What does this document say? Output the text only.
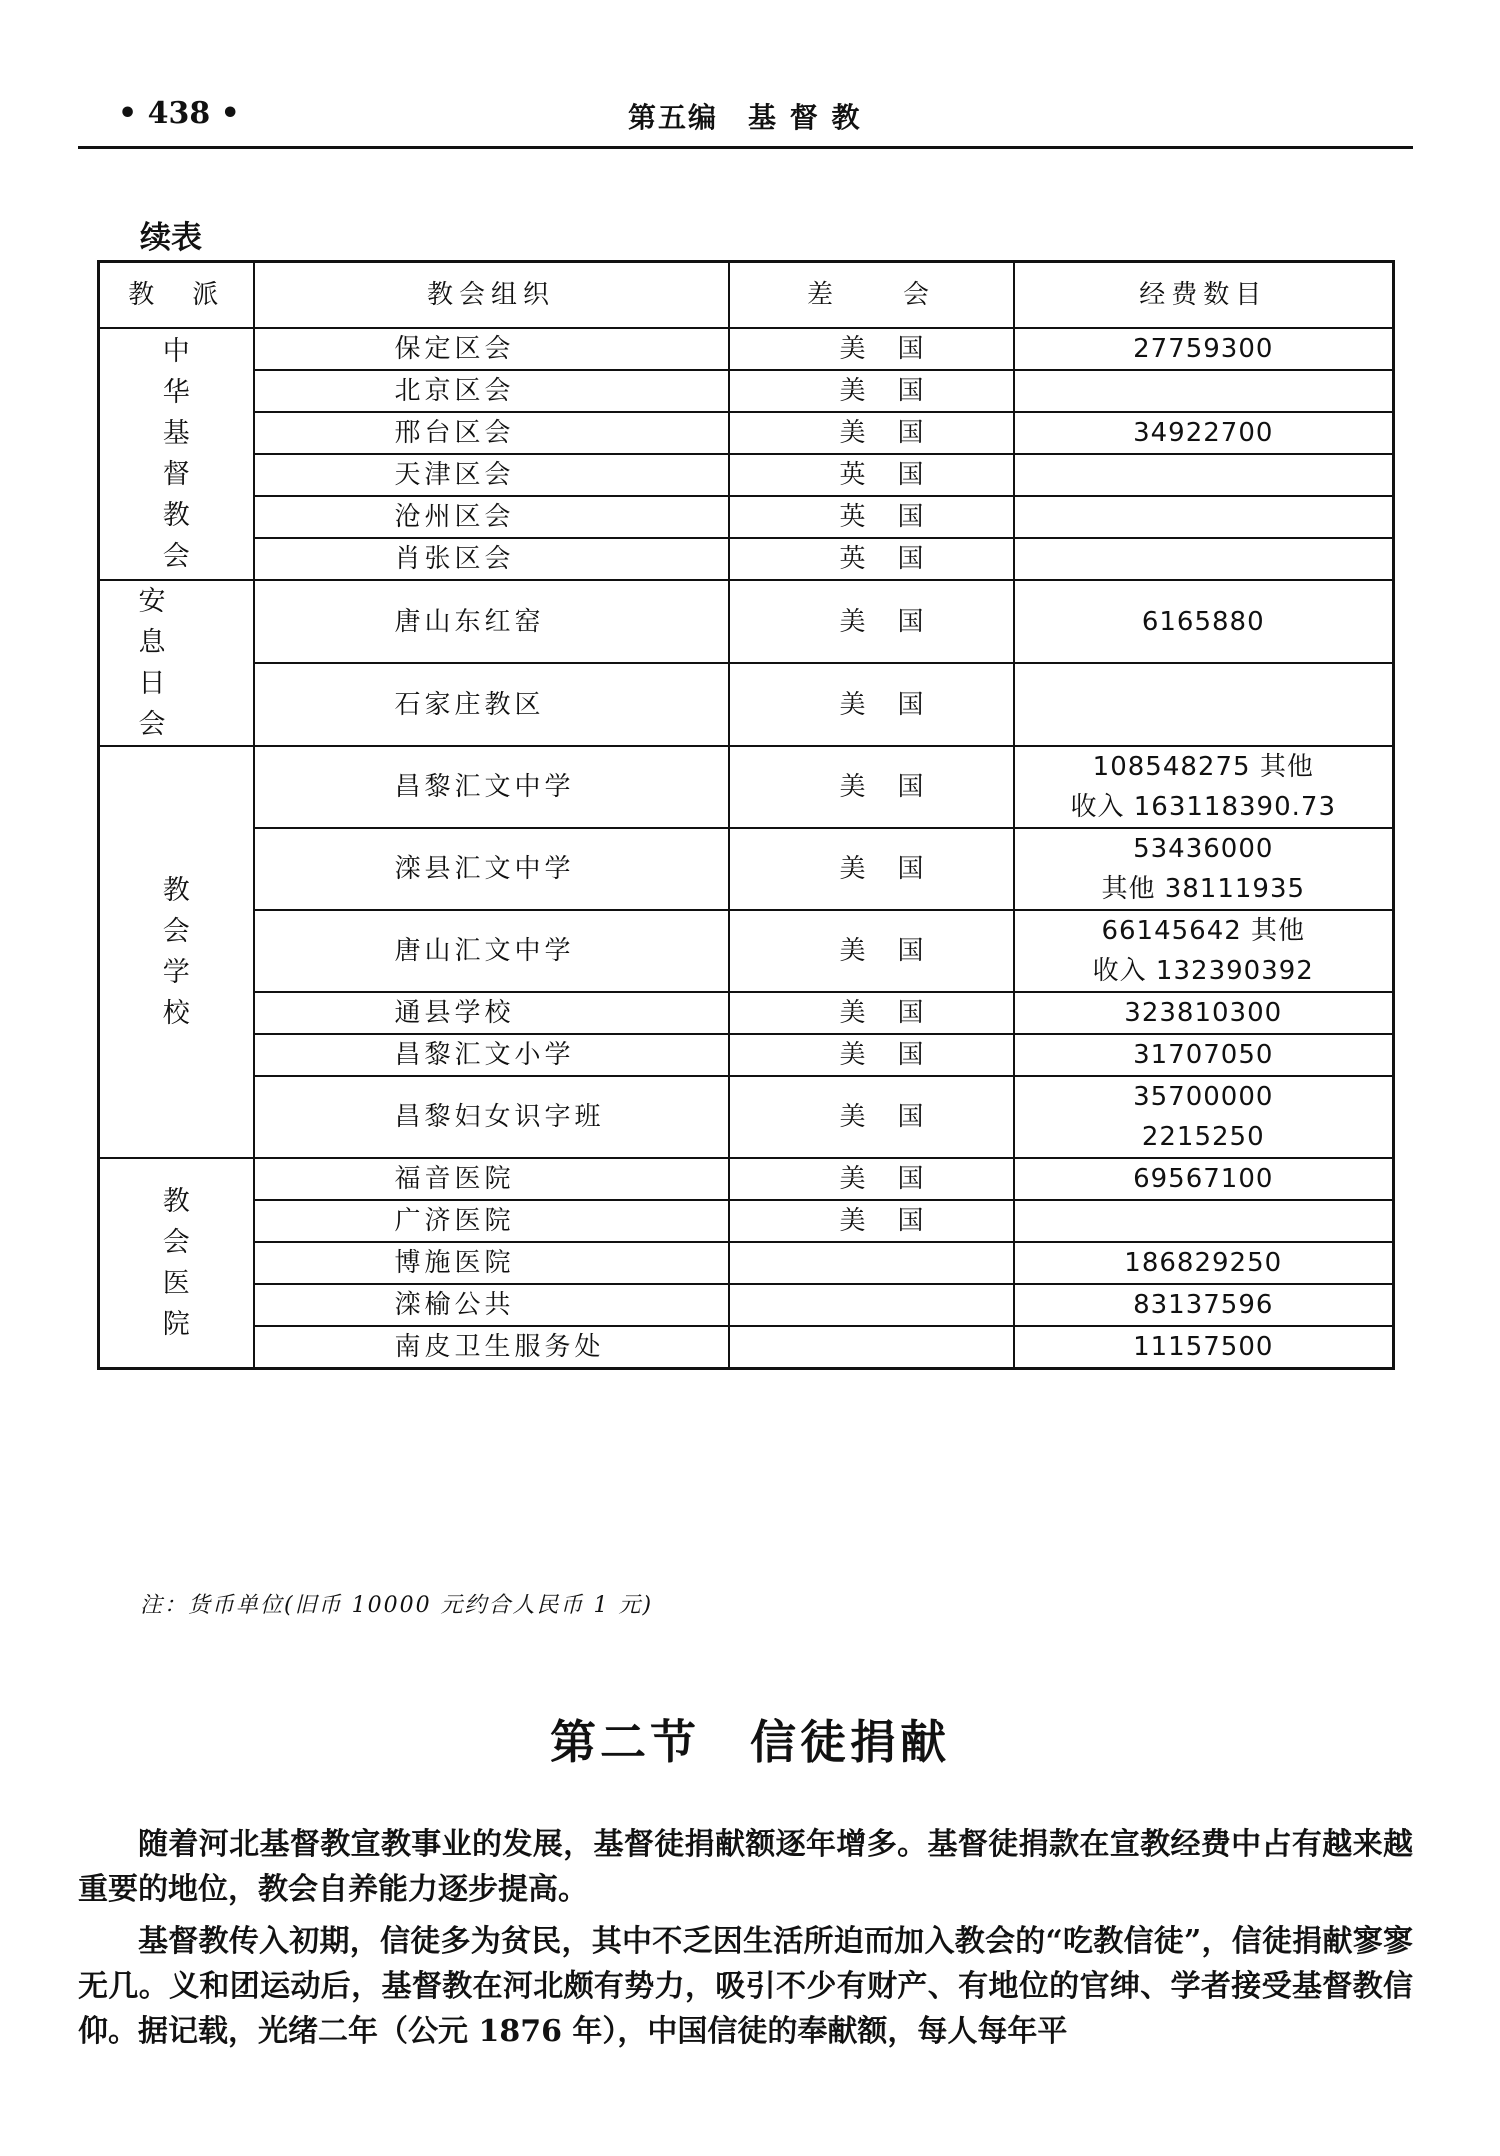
• 438 •	第五编　基 督 教
续表
教　派	教会组织	差　　会	经费数目
中华基督教会	保定区会	美国	27759300

	北京区会	美国	
	邢台区会	美国	34922700

	天津区会	英国	
	沧州区会	英国	
	肖张区会	英国	
安息日会	唐山东红窑	美国	6165880

	石家庄教区	美国	
教会学校	昌黎汇文中学	美国	108548275 其他
收入 163118390.73

	滦县汇文中学	美国	53436000
其他 38111935

	唐山汇文中学	美国	66145642 其他
收入 132390392

	通县学校	美国	323810300

	昌黎汇文小学	美国	31707050

	昌黎妇女识字班	美国	35700000
2215250

教会医院	福音医院	美国	69567100

	广济医院	美国	
	博施医院		186829250

	滦榆公共		83137596

	南皮卫生服务处		11157500
注：货币单位(旧币 10000 元约合人民币 1 元)
第二节　信徒捐献

随着河北基督教宣教事业的发展，基督徒捐献额逐年增多。基督徒捐款在宣教经费中占有越来越重要的地位，教会自养能力逐步提高。

基督教传入初期，信徒多为贫民，其中不乏因生活所迫而加入教会的“吃教信徒”，信徒捐献寥寥无几。义和团运动后，基督教在河北颇有势力，吸引不少有财产、有地位的官绅、学者接受基督教信仰。据记载，光绪二年（公元 1876 年），中国信徒的奉献额，每人每年平
